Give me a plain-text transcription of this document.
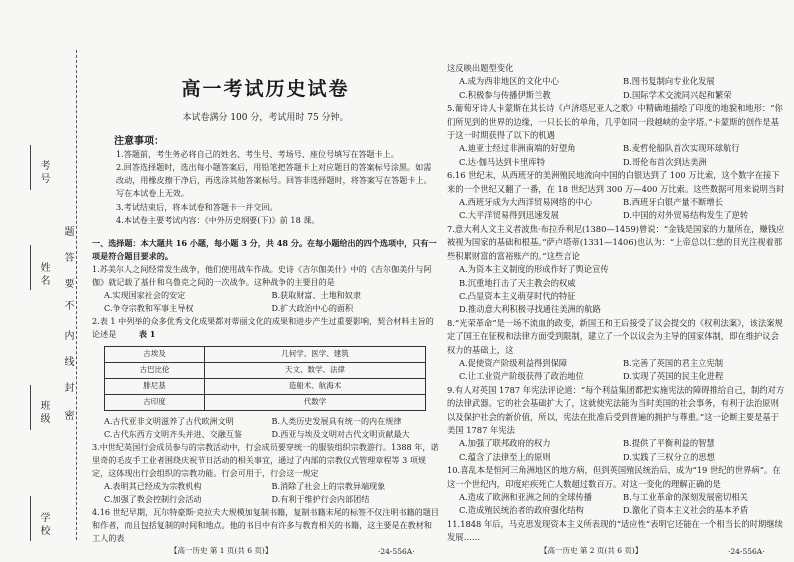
考号
姓名
班级
学校
题
答
要
不
内
线
封
密
高一考试历史试卷
本试卷满分 100 分，考试用时 75 分钟。
注意事项：
1.答题前，考生务必将自己的姓名、考生号、考场号、座位号填写在答题卡上。
2.回答选择题时，选出每小题答案后，用铅笔把答题卡上对应题目的答案标号涂黑。如需改动，用橡皮擦干净后，再选涂其他答案标号。回答非选择题时，将答案写在答题卡上。写在本试卷上无效。
3.考试结束后，将本试卷和答题卡一并交回。
4.本试卷主要考试内容：《中外历史纲要(下)》前 18 课。
一、选择题：本大题共 16 小题，每小题 3 分，共 48 分。在每小题给出的四个选项中，只有一项是符合题目要求的。
1.苏美尔人之间经常发生战争，他们使用战车作战。史诗《吉尔伽美什》中的《吉尔伽美什与阿伽》就记载了基什和乌鲁克之间的一次战争。这种战争的主要目的是
A.实现国家社会的安定	B.获取财富、土地和奴隶
C.争夺宗教和军事主导权	D.扩大政治中心的面积
2.表 1 中列举的众多优秀文化成果都对蒂丽文化的成果和进步产生过重要影响，契合材料主旨的论述是	表 1
古埃及	几何学、医学、建筑
古巴比伦	天文、数学、法律
腓尼基	造船术、航海术
古印度	代数学
A.古代亚非文明滋养了古代欧洲文明	B.人类历史发展具有统一的内在规律
C.古代东西方文明齐头并进、交融互鉴	D.西亚与埃及文明对古代文明贡献最大
3.中世纪英国行会成员参与的宗教活动中，行会成员要穿统一的服装组织宗教游行。1388 年，诺里奇的毛皮手工业者围绕庆祝节日活动的相关事宜，通过了内部的宗教仪式管理章程等 3 项规定，这体现出行会组织的宗教功能。行会可用于，行会这一规定
A.表明其已经成为宗教机构	B.消除了社会上的宗教异端现象
C.加强了教会控制行会活动	D.有利于维护行会内部团结
4.16 世纪早期，瓦尔特豪斯·克拉夫大规模加复制书籍，复制书籍末尾的标签不仅注明书籍的题目和作者，而且包括复制的时间和地点。他的书目中有许多与教育相关的书籍，这主要是在教材和工人的表
【高一历史 第 1 页(共 6 页)】	·24-556A·
这反映出题型变化
A.成为西非地区的文化中心	B.图书复制向专业化发展
C.积极参与传播伊斯兰教	D.国际学术交流同兴起和繁荣
5.葡萄牙诗人卡蒙斯在其长诗《卢济塔尼亚人之歌》中精确地描绘了印度的地貌和地形：“你们所见到的世界的边缘，一只长长的单角，几乎如同一段越峡的金字塔。”卡蒙斯的创作是基于这一时期获得了以下的机遇
A.迪亚士经过非洲南端的好望角	B.麦哲伦船队首次实现环球航行
C.达·伽马达到卡里库特	D.哥伦布首次到达美洲
6.16 世纪末，从西班牙的美洲殖民地流向中国的白银达到了 100 万比索，这个数字在接下来的一个世纪又翻了一番，在 18 世纪达到 300 万—400 万比索。这些数据可用来说明当时
A.西班牙成为大西洋贸易网络的中心	B.西班牙白银产量不断增长
C.大平洋贸易得到迅速发展	D.中国的对外贸易结构发生了逆转
7.意大利人文主义者波焦·布拉乔利尼(1380—1459)曾说：“金钱是国家的力量所在，赚钱应被视为国家的基础和根基。”萨卢塔蒂(1331—1406)也认为：“上帝总以仁慈的目光注视着那些积累财富的富裕账产的。”这些言论
A.为资本主义制度的形成作好了舆论宣传
B.沉重地打击了天主教会的权威
C.凸显资本主义萌芽时代的特征
D.推动意大利积极寻找通往美洲的航路
8.“光荣革命”是一场不流血的政变，新国王和王后接受了议会提交的《权利法案》，该法案规定了国王在征税和法律方面受到限制，建立了一个以议会为主导的国家体制，即在维护议会权力的基础上，这
A.促使资产阶级利益得到保障	B.完善了英国的君主立宪制
C.让工业资产阶级获得了政治地位	D.实现了英国的民主化进程
9.有人对英国 1787 年宪法评论道：“每个利益集团都把实施宪法的障碍推给自己，制约对方的法律武器。它的社会基础扩大了，这就使宪法能为当时美国的社会事务，有利于法治原则以及保护社会的新价值，所以，宪法在批准后受到普遍的拥护与尊重。”这一论断主要是基于美国 1787 年宪法
A.加强了联邦政府的权力	B.提供了平衡利益的智慧
C.蕴含了法律至上的原则	D.实践了三权分立的思想
10.喜乱本是恒河三角洲地区的地方病，但到英国殖民统治后，成为“19 世纪的世界病”。在这一个世纪内，印度疟疾死亡人数超过数百万。对这一变化的理解正确的是
A.造成了欧洲和亚洲之间的全球传播	B.与工业革命的深刻发展密切相关
C.造成殖民统治者的政府强化结构	D.激化了资本主义社会的基本矛盾
11.1848 年后，马克思发现资本主义所表现的“适应性”表明它还能在一个相当长的时期继续发展……
【高一历史 第 2 页(共 6 页)】	·24-556A·
